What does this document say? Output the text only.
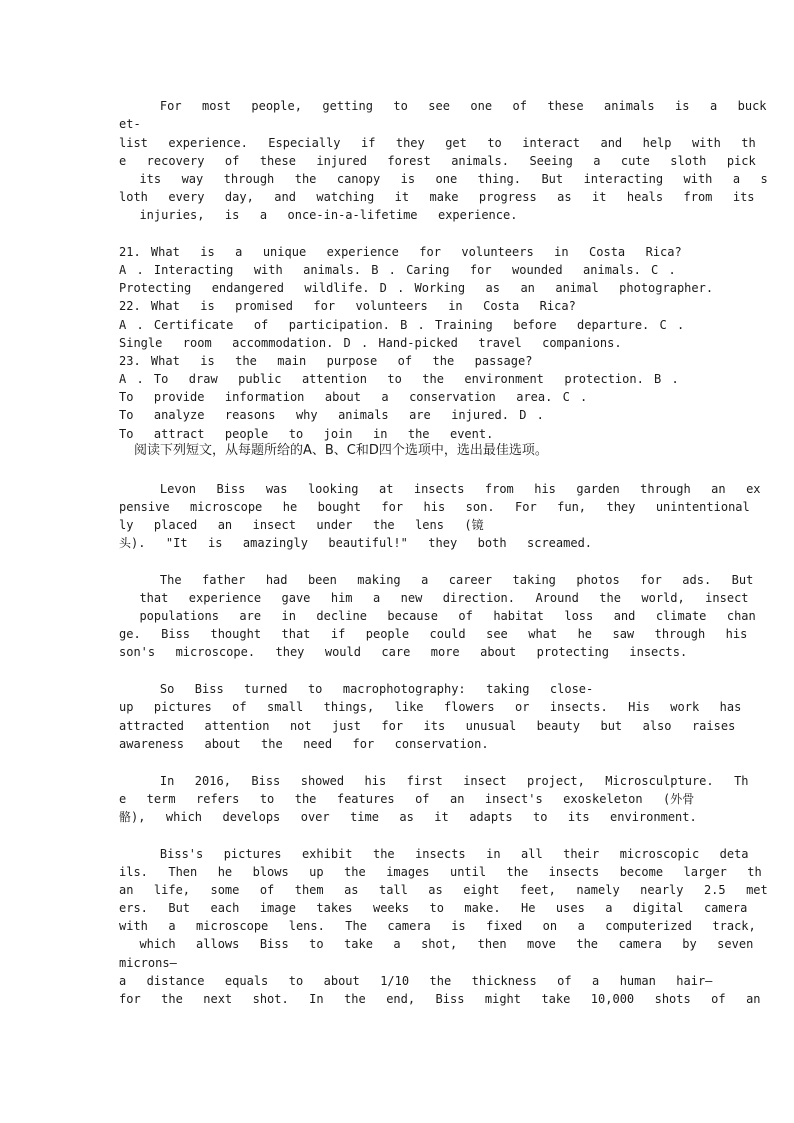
For  most  people,  getting  to  see  one  of  these  animals  is  a  buck
et-
list  experience.  Especially  if  they  get  to  interact  and  help  with  th
e  recovery  of  these  injured  forest  animals.  Seeing  a  cute  sloth  pick
its  way  through  the  canopy  is  one  thing.  But  interacting  with  a  s
loth  every  day,  and  watching  it  make  progress  as  it  heals  from  its
injuries,  is  a  once-in-a-lifetime  experience.
21. What  is  a  unique  experience  for  volunteers  in  Costa  Rica?
A . Interacting  with  animals. B . Caring  for  wounded  animals. C .
Protecting  endangered  wildlife. D . Working  as  an  animal  photographer.
22. What  is  promised  for  volunteers  in  Costa  Rica?
A . Certificate  of  participation. B . Training  before  departure. C .
Single  room  accommodation. D . Hand-picked  travel  companions.
23. What  is  the  main  purpose  of  the  passage?
A . To  draw  public  attention  to  the  environment  protection. B .
To  provide  information  about  a  conservation  area. C .
To  analyze  reasons  why  animals  are  injured. D .
To  attract  people  to  join  in  the  event.
阅读下列短文，从每题所给的A、B、C和D四个选项中，选出最佳选项。
Levon  Biss  was  looking  at  insects  from  his  garden  through  an  ex
pensive  microscope  he  bought  for  his  son.  For  fun,  they  unintentional
ly  placed  an  insect  under  the  lens  (镜
头).  "It  is  amazingly  beautiful!"  they  both  screamed.
The  father  had  been  making  a  career  taking  photos  for  ads.  But
that  experience  gave  him  a  new  direction.  Around  the  world,  insect
populations  are  in  decline  because  of  habitat  loss  and  climate  chan
ge.  Biss  thought  that  if  people  could  see  what  he  saw  through  his
son's  microscope.  they  would  care  more  about  protecting  insects.
So  Biss  turned  to  macrophotography:  taking  close-
up  pictures  of  small  things,  like  flowers  or  insects.  His  work  has
attracted  attention  not  just  for  its  unusual  beauty  but  also  raises
awareness  about  the  need  for  conservation.
In  2016,  Biss  showed  his  first  insect  project,  Microsculpture.  Th
e  term  refers  to  the  features  of  an  insect's  exoskeleton  (外骨
骼),  which  develops  over  time  as  it  adapts  to  its  environment.
Biss's  pictures  exhibit  the  insects  in  all  their  microscopic  deta
ils.  Then  he  blows  up  the  images  until  the  insects  become  larger  th
an  life,  some  of  them  as  tall  as  eight  feet,  namely  nearly  2.5  met
ers.  But  each  image  takes  weeks  to  make.  He  uses  a  digital  camera
with  a  microscope  lens.  The  camera  is  fixed  on  a  computerized  track,
which  allows  Biss  to  take  a  shot,  then  move  the  camera  by  seven
microns—
a  distance  equals  to  about  1/10  the  thickness  of  a  human  hair—
for  the  next  shot.  In  the  end,  Biss  might  take  10,000  shots  of  an
